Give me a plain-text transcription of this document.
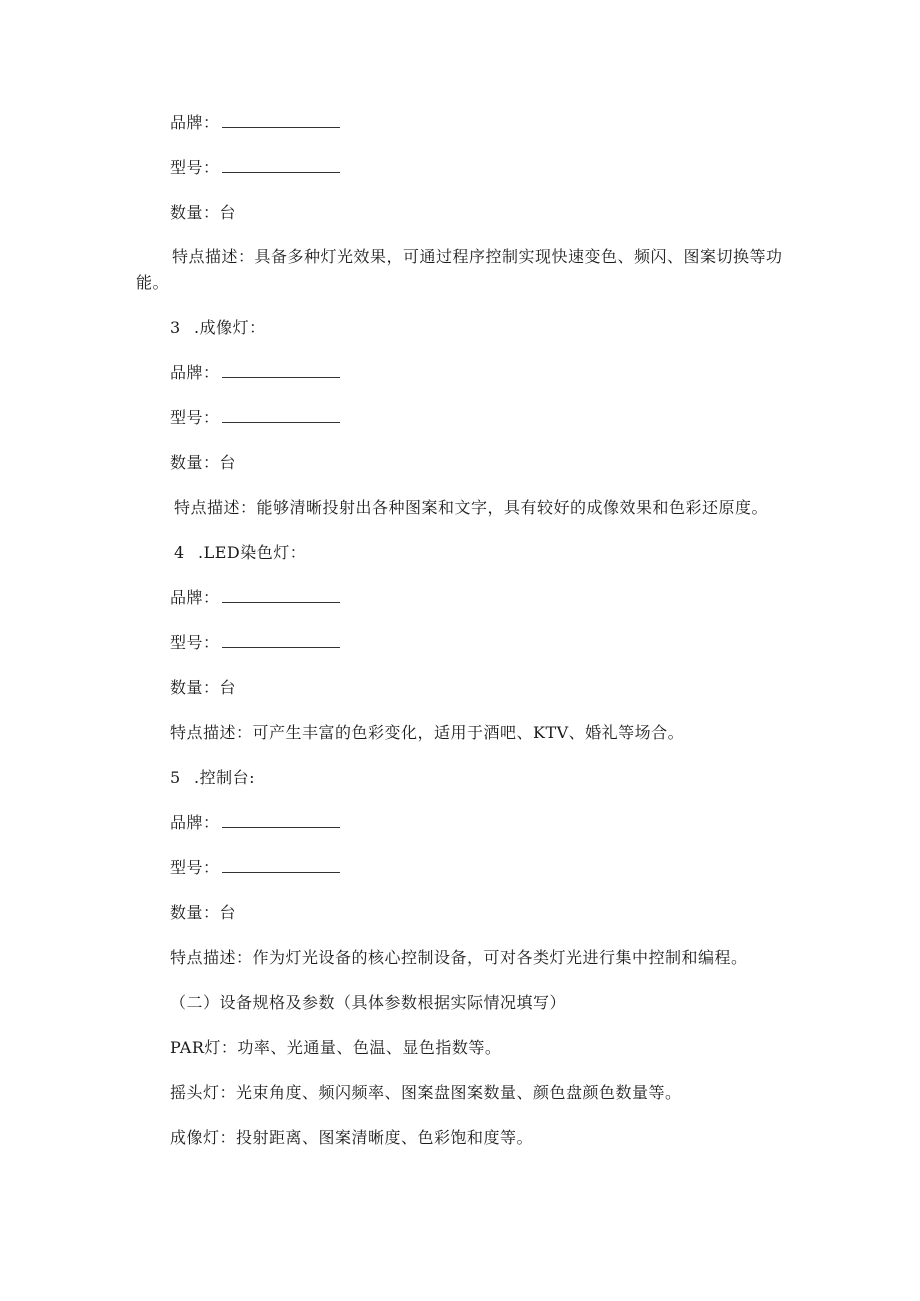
品牌：
型号：
数量：台
特点描述：具备多种灯光效果，可通过程序控制实现快速变色、频闪、图案切换等功能。
3 .成像灯：
品牌：
型号：
数量：台
特点描述：能够清晰投射出各种图案和文字，具有较好的成像效果和色彩还原度。
4 .LED染色灯：
品牌：
型号：
数量：台
特点描述：可产生丰富的色彩变化，适用于酒吧、KTV、婚礼等场合。
5 .控制台:
品牌：
型号：
数量：台
特点描述：作为灯光设备的核心控制设备，可对各类灯光进行集中控制和编程。
（二）设备规格及参数（具体参数根据实际情况填写）
PAR灯：功率、光通量、色温、显色指数等。
摇头灯：光束角度、频闪频率、图案盘图案数量、颜色盘颜色数量等。
成像灯：投射距离、图案清晰度、色彩饱和度等。
